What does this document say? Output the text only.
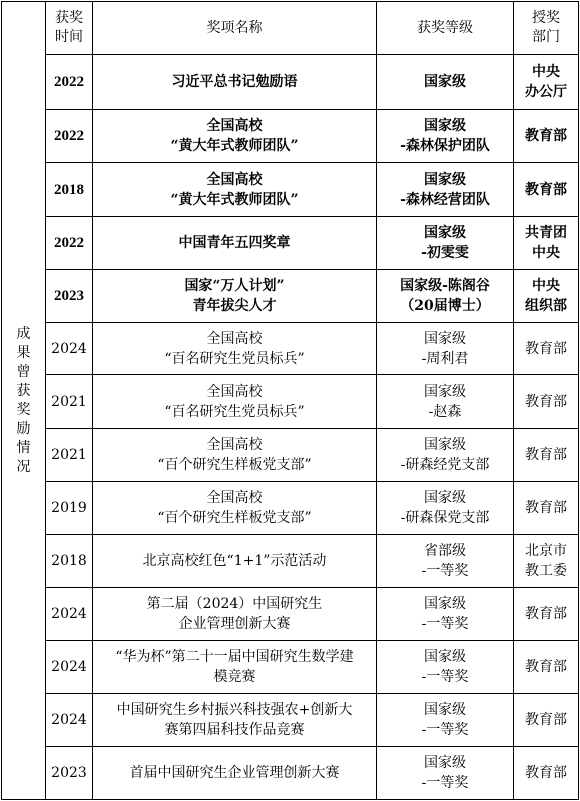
成果曾获奖励情况	获奖
时间	奖项名称	获奖等级	授奖
部门

	2022	习近平总书记勉励语	国家级	中央
办公厅

	2022	全国高校
“黄大年式教师团队”	国家级
-森林保护团队	教育部

	2018	全国高校
“黄大年式教师团队”	国家级
-森林经营团队	教育部

	2022	中国青年五四奖章	国家级
-初雯雯	共青团
中央

	2023	国家“万人计划”
青年拔尖人才	国家级-陈阁谷
（20届博士）	中央
组织部

	2024	全国高校
“百名研究生党员标兵”	国家级
-周利君	教育部

	2021	全国高校
“百名研究生党员标兵”	国家级
-赵森	教育部

	2021	全国高校
“百个研究生样板党支部”	国家级
-研森经党支部	教育部

	2019	全国高校
“百个研究生样板党支部”	国家级
-研森保党支部	教育部

	2018	北京高校红色“1+1”示范活动	省部级
-一等奖	北京市
教工委

	2024	第二届（2024）中国研究生
企业管理创新大赛	国家级
-一等奖	教育部

	2024	“华为杯”第二十一届中国研究生数学建
模竞赛	国家级
-一等奖	教育部

	2024	中国研究生乡村振兴科技强农+创新大
赛第四届科技作品竞赛	国家级
-一等奖	教育部

	2023	首届中国研究生企业管理创新大赛	国家级
-一等奖	教育部
